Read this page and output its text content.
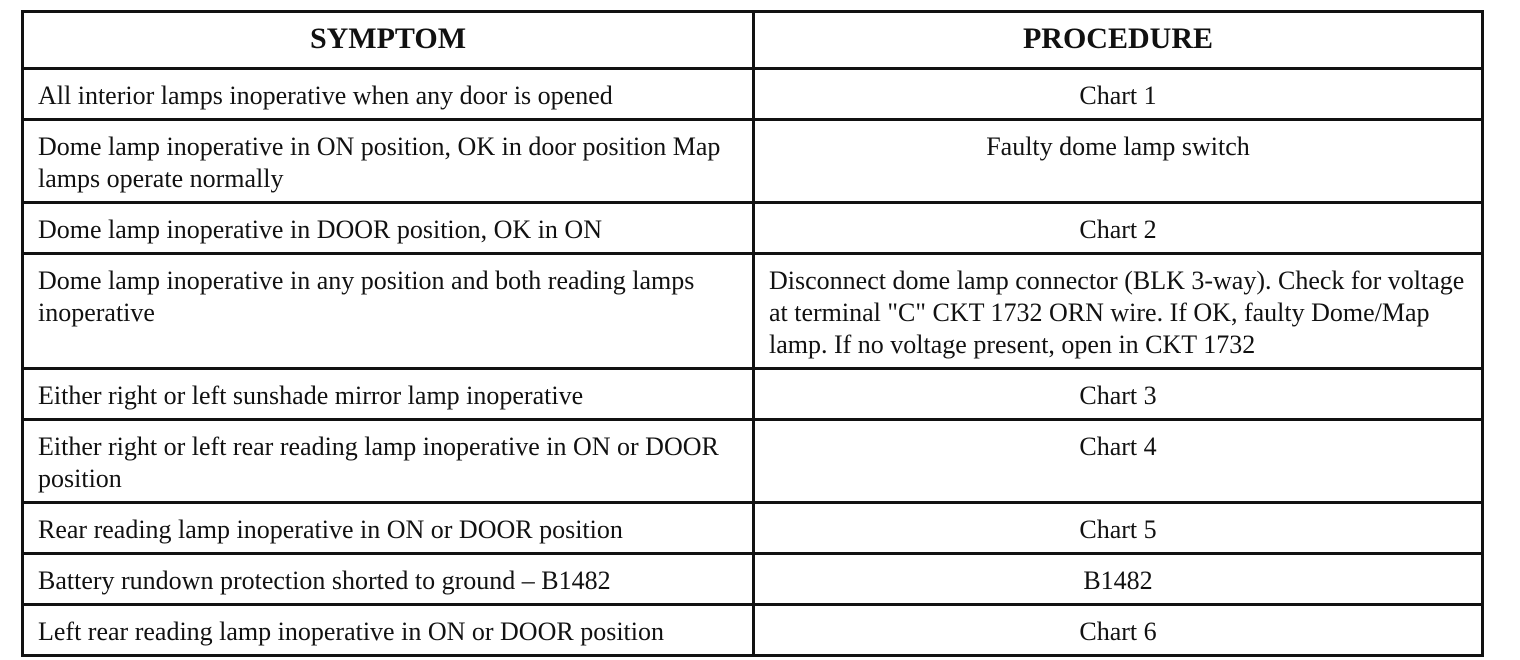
SYMPTOM	PROCEDURE
All interior lamps inoperative when any door is opened	Chart 1
Dome lamp inoperative in ON position, OK in door position Map lamps operate normally	Faulty dome lamp switch
Dome lamp inoperative in DOOR position, OK in ON	Chart 2
Dome lamp inoperative in any position and both reading lamps inoperative	Disconnect dome lamp connector (BLK 3-way). Check for voltage at terminal "C" CKT 1732 ORN wire. If OK, faulty Dome/Map lamp. If no voltage present, open in CKT 1732
Either right or left sunshade mirror lamp inoperative	Chart 3
Either right or left rear reading lamp inoperative in ON or DOOR position	Chart 4
Rear reading lamp inoperative in ON or DOOR position	Chart 5
Battery rundown protection shorted to ground – B1482	B1482
Left rear reading lamp inoperative in ON or DOOR position	Chart 6
